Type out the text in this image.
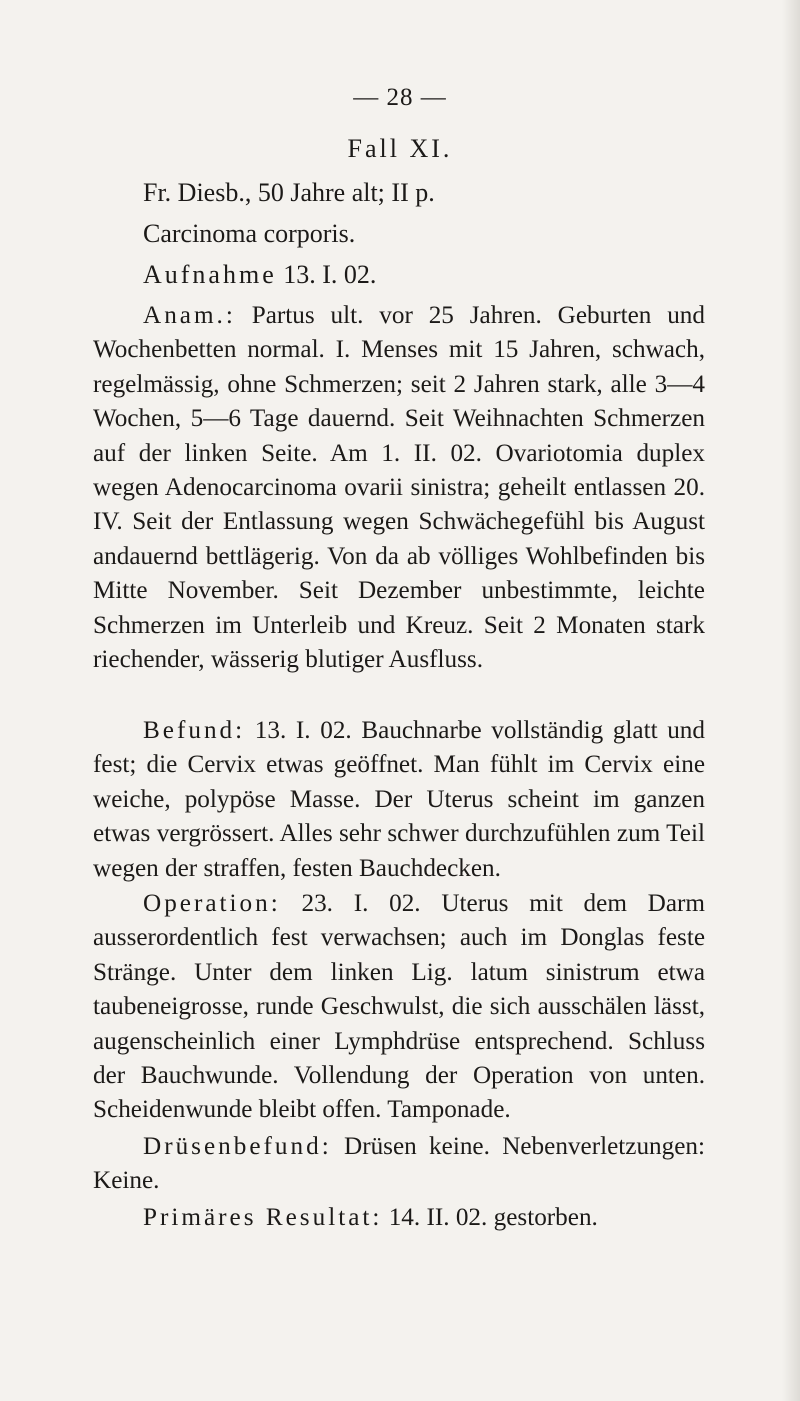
— 28 —
Fall XI.
Fr. Diesb., 50 Jahre alt; II p.
Carcinoma corporis.
Aufnahme 13. I. 02.

Anam.: Partus ult. vor 25 Jahren. Geburten und Wochenbetten normal. I. Menses mit 15 Jahren, schwach, regelmässig, ohne Schmerzen; seit 2 Jahren stark, alle 3—4 Wochen, 5—6 Tage dauernd. Seit Weihnachten Schmerzen auf der linken Seite. Am 1. II. 02. Ovariotomia duplex wegen Adenocarcinoma ovarii sinistra; geheilt entlassen 20. IV. Seit der Entlassung wegen Schwächegefühl bis August andauernd bettlägerig. Von da ab völliges Wohlbefinden bis Mitte November. Seit Dezember unbestimmte, leichte Schmerzen im Unterleib und Kreuz. Seit 2 Monaten stark riechender, wässerig blutiger Ausfluss.

Befund: 13. I. 02. Bauchnarbe vollständig glatt und fest; die Cervix etwas geöffnet. Man fühlt im Cervix eine weiche, polypöse Masse. Der Uterus scheint im ganzen etwas vergrössert. Alles sehr schwer durchzufühlen zum Teil wegen der straffen, festen Bauchdecken.

Operation: 23. I. 02. Uterus mit dem Darm ausserordentlich fest verwachsen; auch im Donglas feste Stränge. Unter dem linken Lig. latum sinistrum etwa taubeneigrosse, runde Geschwulst, die sich ausschälen lässt, augenscheinlich einer Lymphdrüse entsprechend. Schluss der Bauchwunde. Vollendung der Operation von unten. Scheidenwunde bleibt offen. Tamponade.

Drüsenbefund: Drüsen keine. Nebenverletzungen: Keine.

Primäres Resultat: 14. II. 02. gestorben.
